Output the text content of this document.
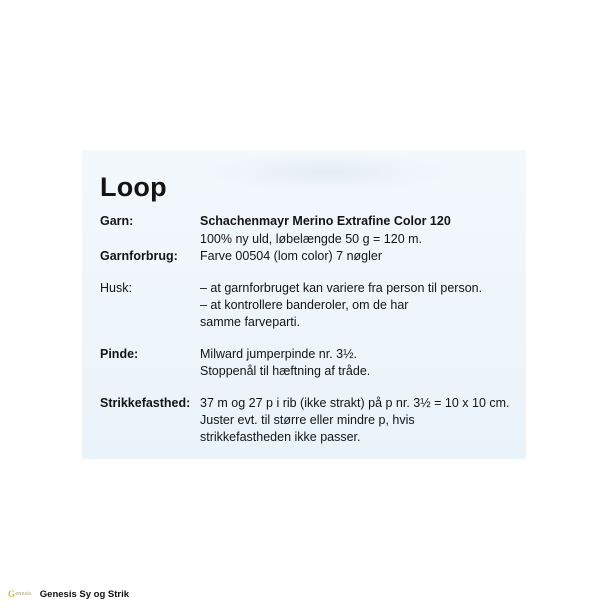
Loop
Garn:	Schachenmayr Merino Extrafine Color 120
100% ny uld, løbelængde 50 g = 120 m.
Garnforbrug: Farve 00504 (lom color) 7 nøgler
Husk:	– at garnforbruget kan variere fra person til person.
– at kontrollere banderoler, om de har
samme farveparti.
Pinde:	Milward jumperpinde nr. 3½.
Stoppenål til hæftning af tråde.
Strikkefasthed: 37 m og 27 p i rib (ikke strakt) på p nr. 3½ = 10 x 10 cm.
Juster evt. til større eller mindre p, hvis
strikkefastheden ikke passer.
G enesis Genesis Sy og Strik
